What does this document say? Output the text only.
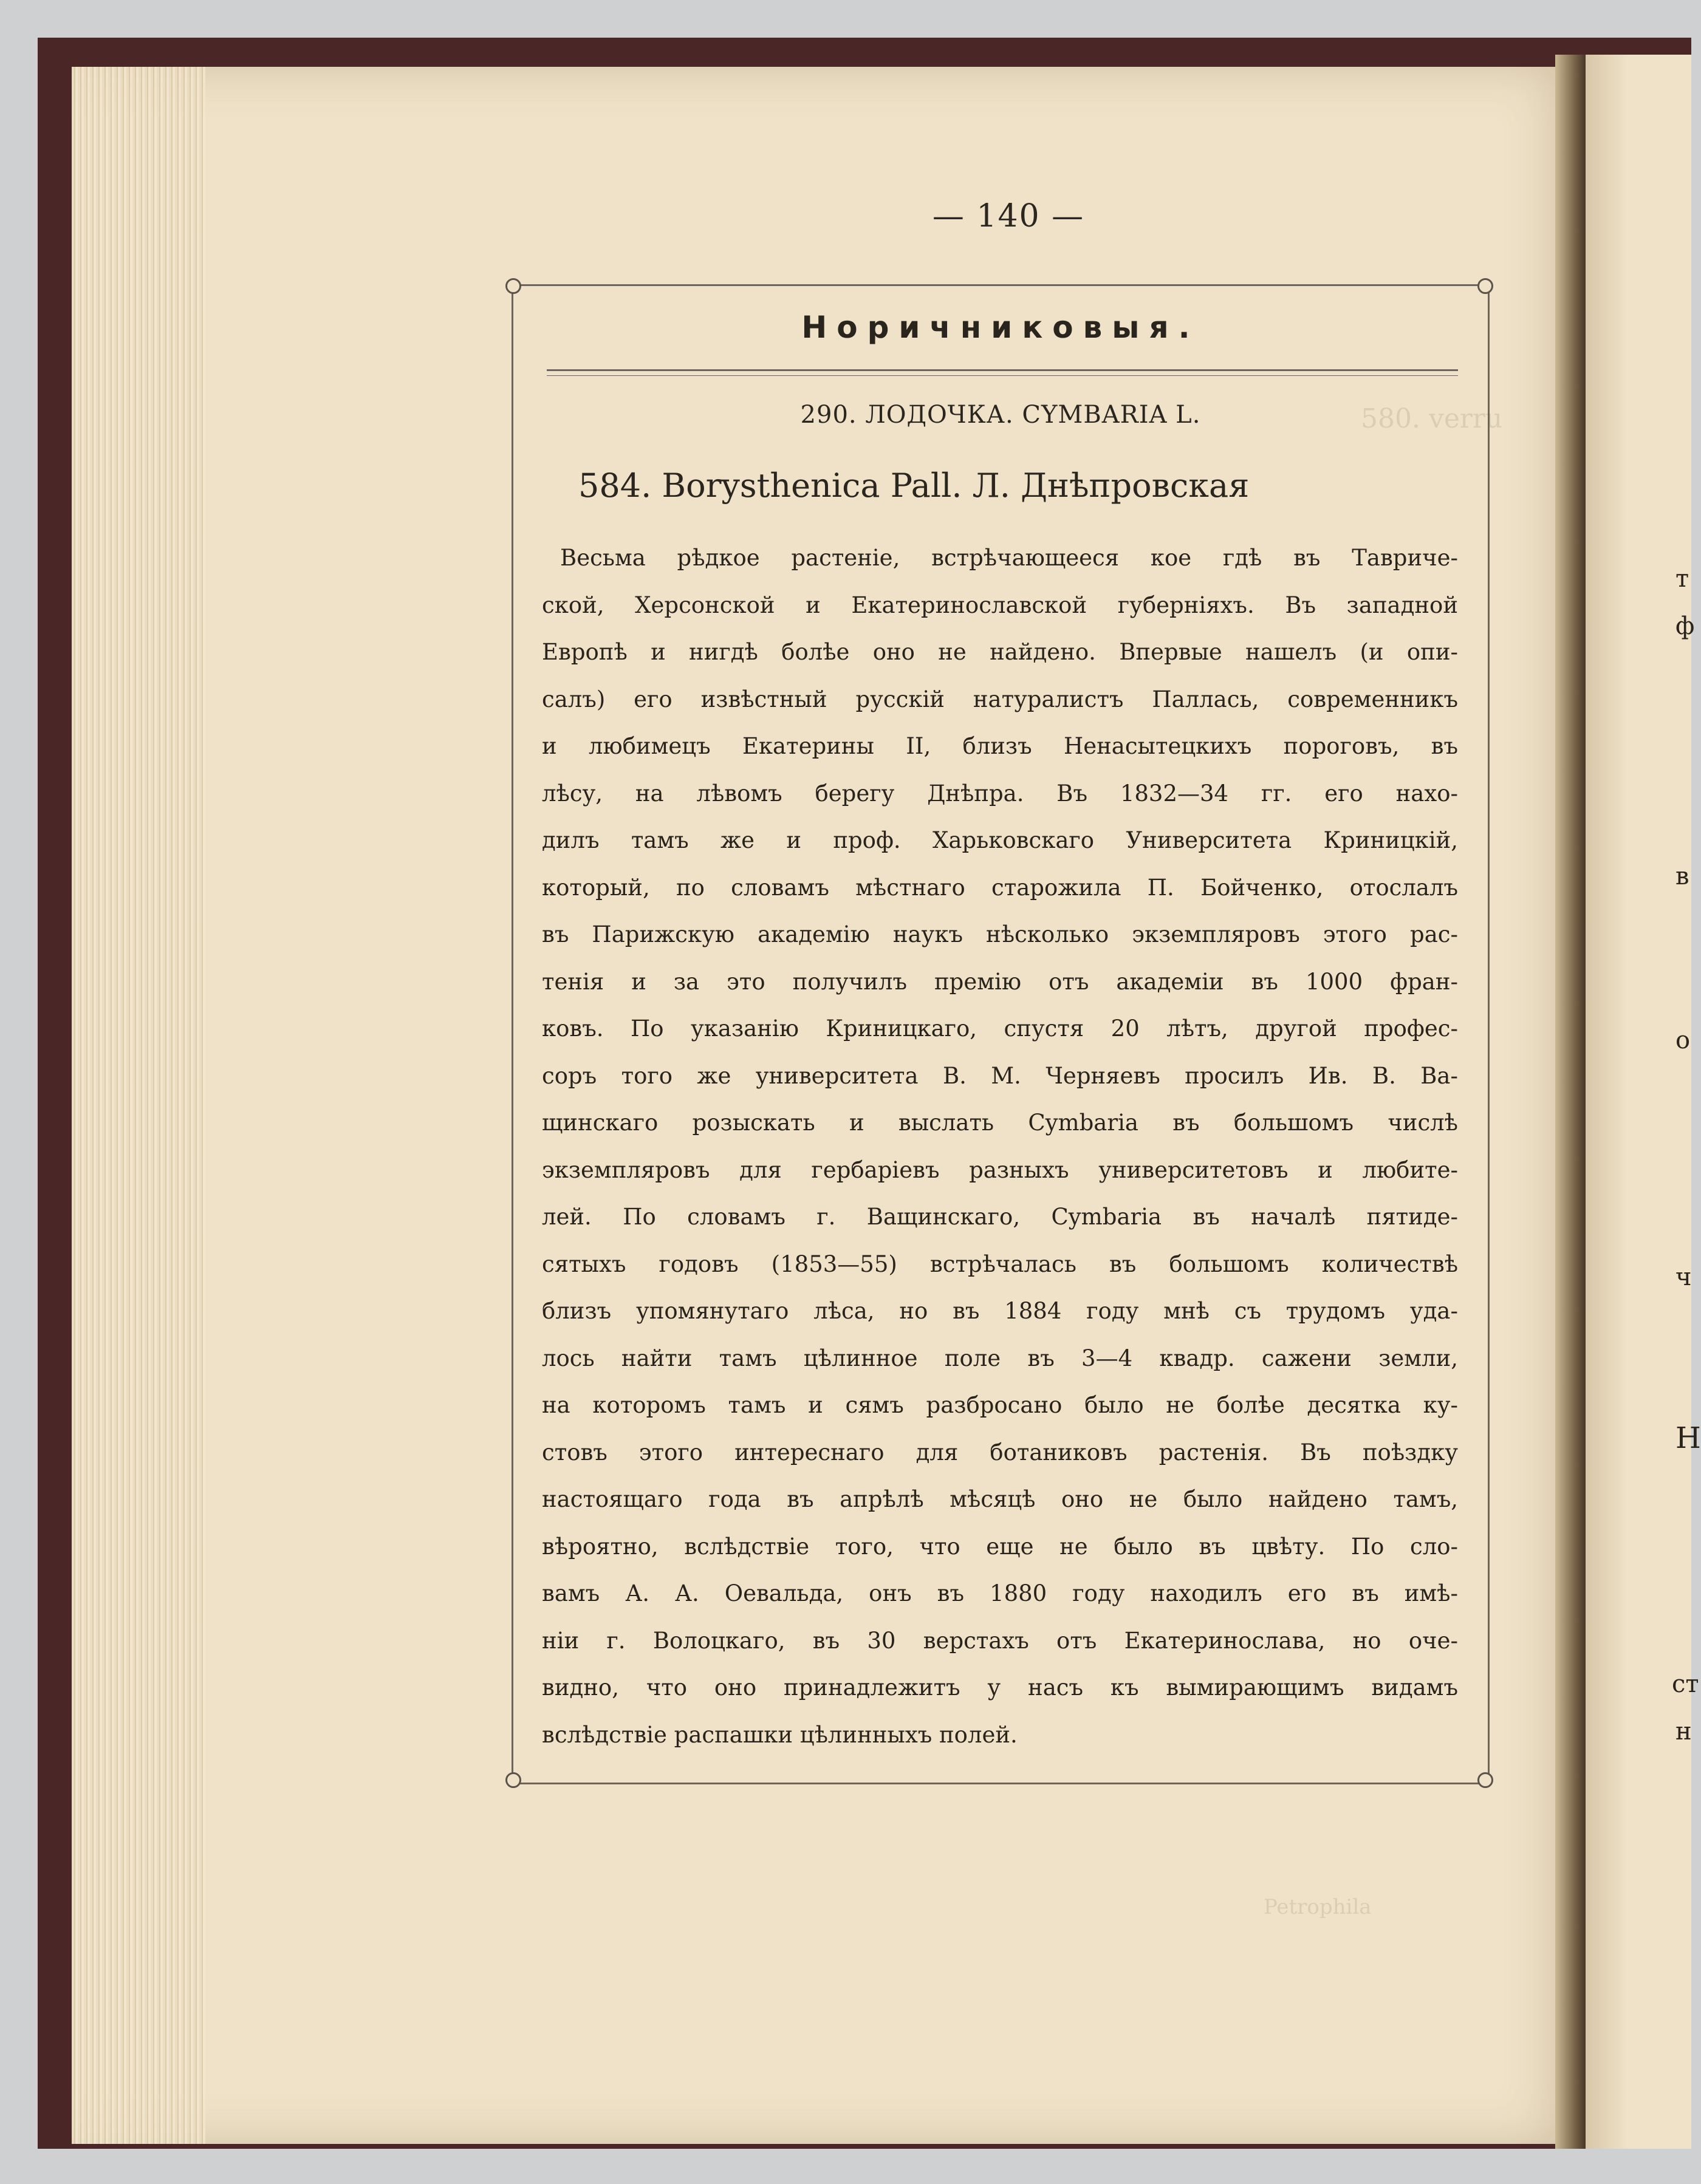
580. verru
Petrophila
— 140 —
Норичниковыя.
290. ЛОДОЧКА. CYMBARIA L.
584. Borysthenica Pall. Л. Днѣпровская
Весьма рѣдкое растенiе, встрѣчающееся кое гдѣ въ Тавриче-
ской, Херсонской и Екатеринославской губернiяхъ. Въ западной
Европѣ и нигдѣ болѣе оно не найдено. Впервые нашелъ (и опи-
салъ) его извѣстный русскiй натуралистъ Паллась, современникъ
и любимецъ Екатерины II, близъ Ненасытецкихъ пороговъ, въ
лѣсу, на лѣвомъ берегу Днѣпра. Въ 1832—34 гг. его нахо-
дилъ тамъ же и проф. Харьковскаго Университета Криницкiй,
который, по словамъ мѣстнаго старожила П. Бойченко, отослалъ
въ Парижскую академiю наукъ нѣсколько экземпляровъ этого рас-
тенiя и за это получилъ премiю отъ академiи въ 1000 фран-
ковъ. По указанiю Криницкаго, спустя 20 лѣтъ, другой профес-
соръ того же университета В. М. Черняевъ просилъ Ив. В. Ва-
щинскаго розыскать и выслать Cymbaria въ большомъ числѣ
экземпляровъ для гербарiевъ разныхъ университетовъ и любите-
лей. По словамъ г. Ващинскаго, Cymbaria въ началѣ пятиде-
сятыхъ годовъ (1853—55) встрѣчалась въ большомъ количествѣ
близъ упомянутаго лѣса, но въ 1884 году мнѣ съ трудомъ уда-
лось найти тамъ цѣлинное поле въ 3—4 квадр. сажени земли,
на которомъ тамъ и сямъ разбросано было не болѣе десятка ку-
стовъ этого интереснаго для ботаниковъ растенiя. Въ поѣздку
настоящаго года въ апрѣлѣ мѣсяцѣ оно не было найдено тамъ,
вѣроятно, вслѣдствiе того, что еще не было въ цвѣту. По сло-
вамъ А. А. Оевальда, онъ въ 1880 году находилъ его въ имѣ-
нiи г. Волоцкаго, въ 30 верстахъ отъ Екатеринослава, но оче-
видно, что оно принадлежитъ у насъ къ вымирающимъ видамъ
вслѣдствiе распашки цѣлинныхъ полей.
т
ф
в
о
ч
Н
ст
н
